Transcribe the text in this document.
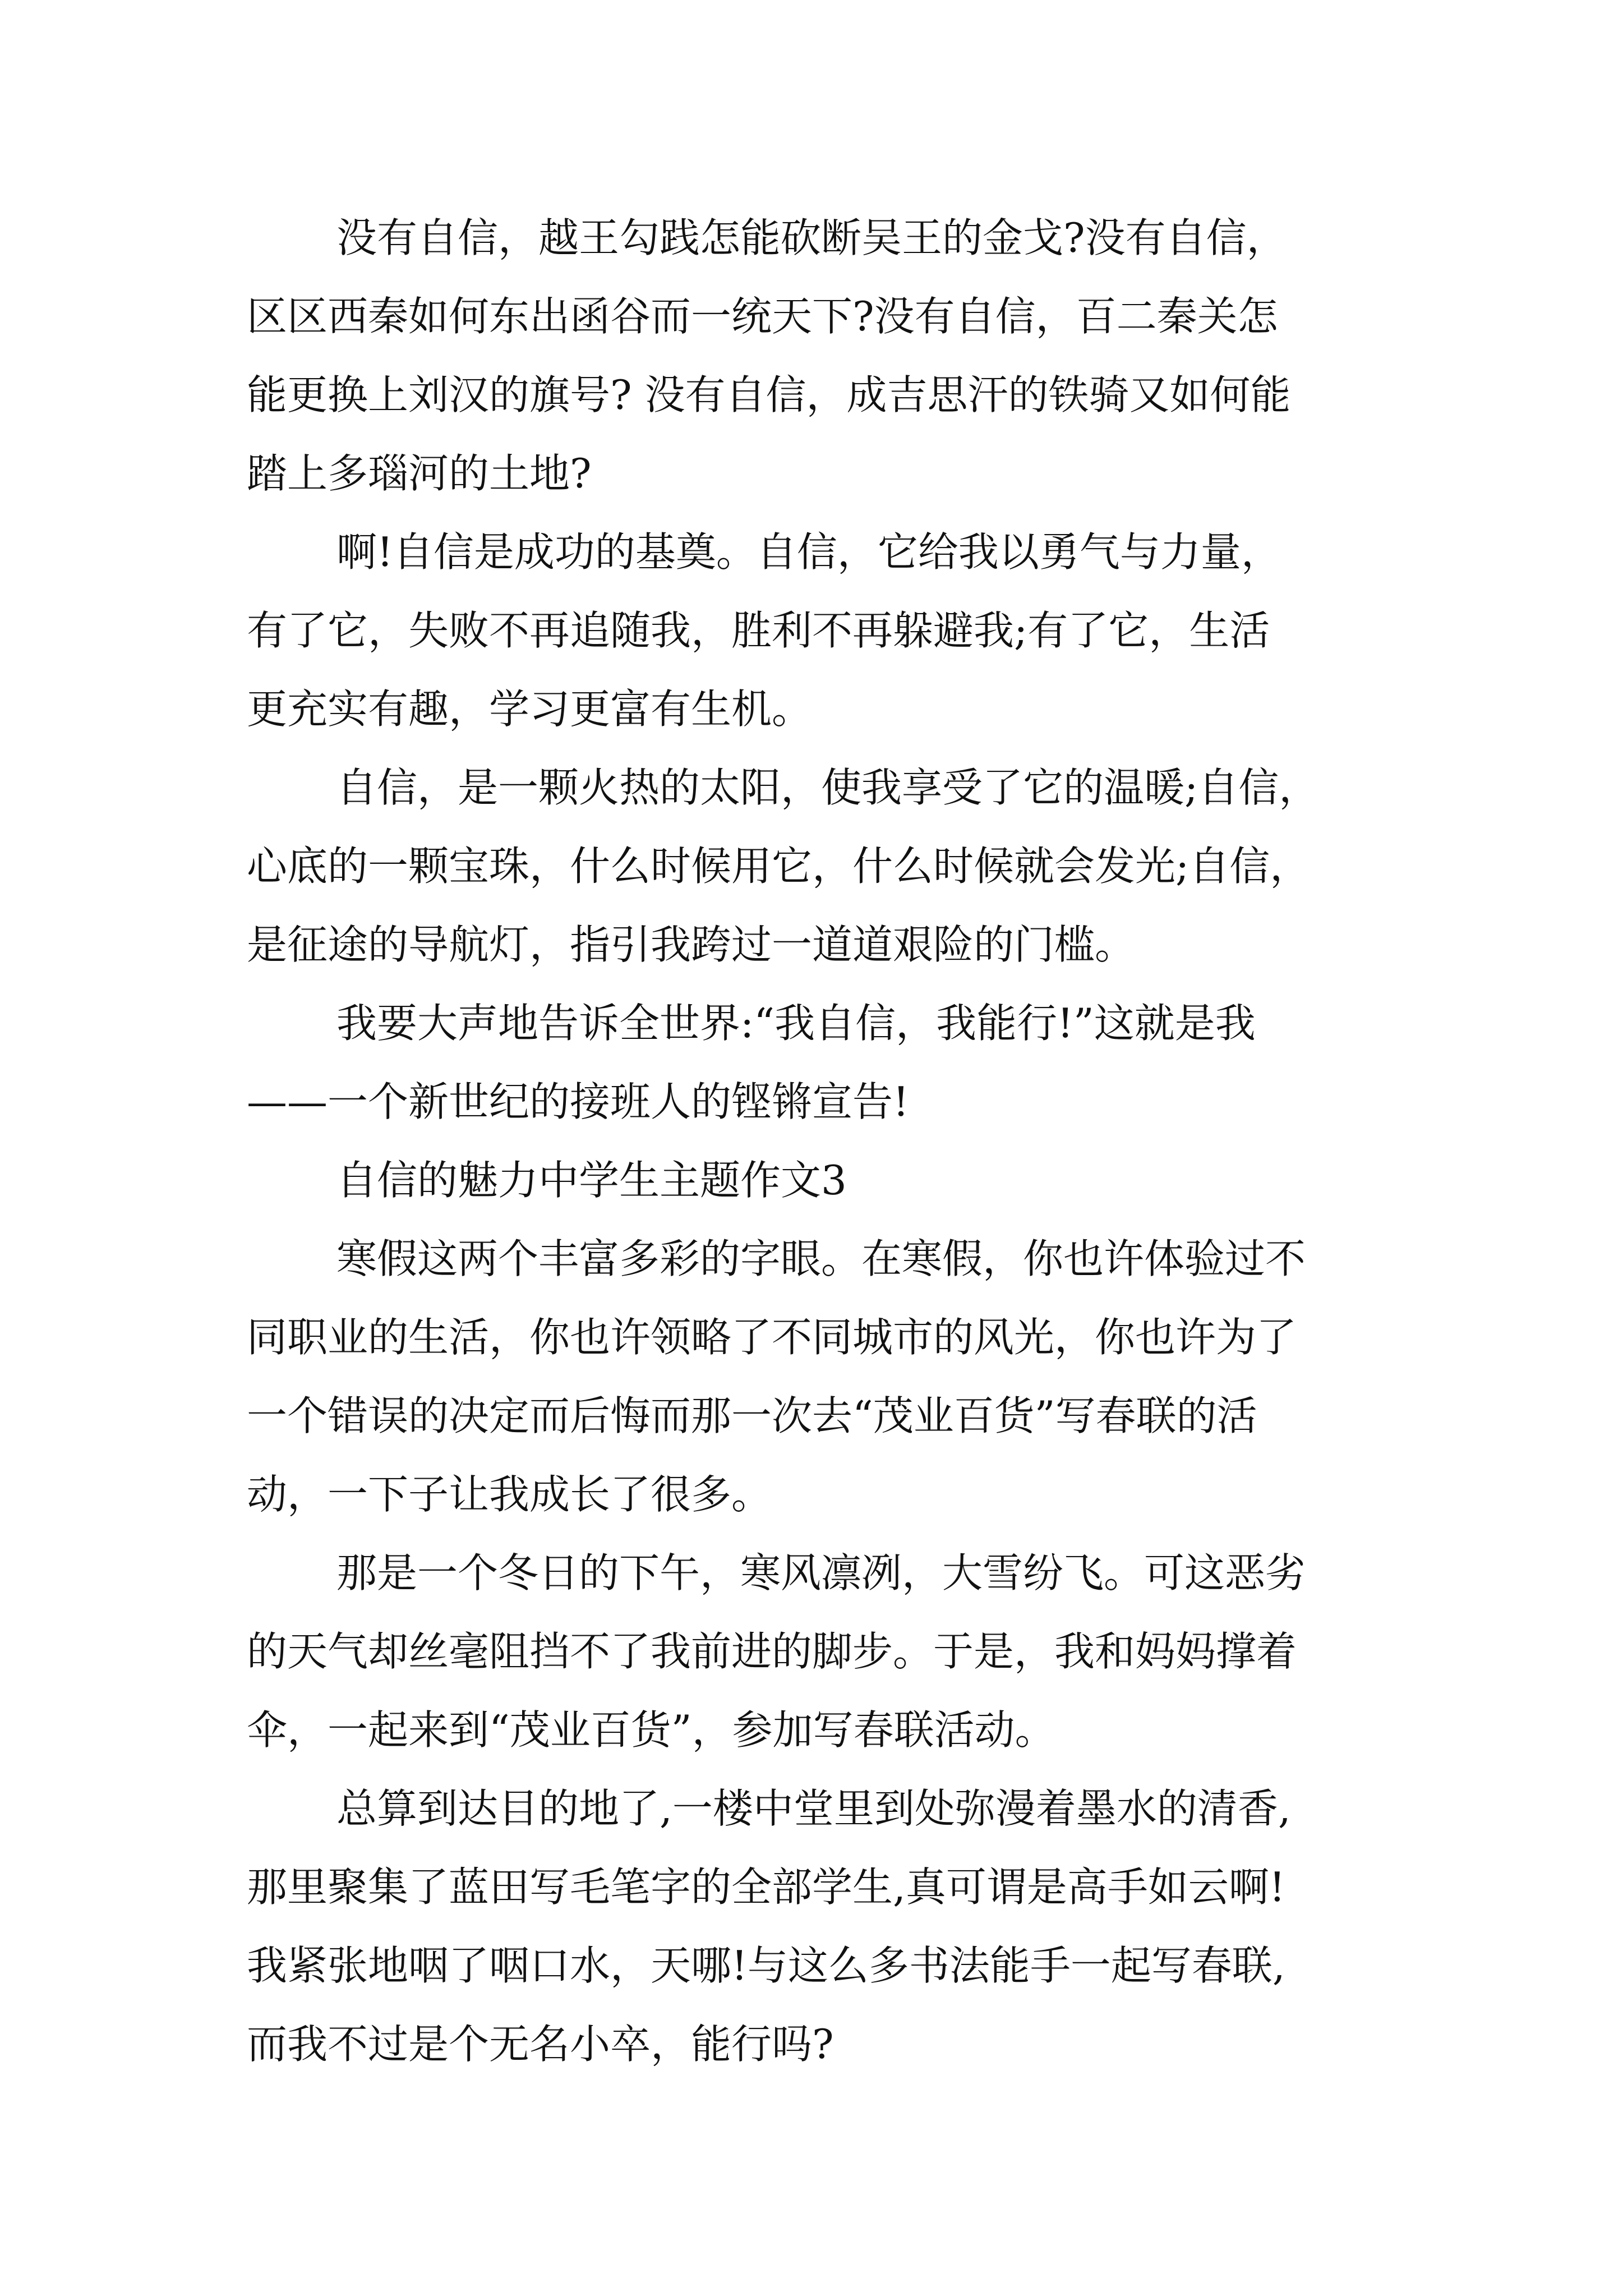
没有自信，越王勾践怎能砍断吴王的金戈?没有自信，
区区西秦如何东出函谷而一统天下?没有自信，百二秦关怎
能更换上刘汉的旗号? 没有自信，成吉思汗的铁骑又如何能
踏上多瑙河的土地?
啊!自信是成功的基奠。自信，它给我以勇气与力量，
有了它，失败不再追随我，胜利不再躲避我;有了它，生活
更充实有趣，学习更富有生机。
自信，是一颗火热的太阳，使我享受了它的温暖;自信，
心底的一颗宝珠，什么时候用它，什么时候就会发光;自信，
是征途的导航灯，指引我跨过一道道艰险的门槛。
我要大声地告诉全世界:“我自信，我能行!”这就是我
——一个新世纪的接班人的铿锵宣告!
自信的魅力中学生主题作文3
寒假这两个丰富多彩的字眼。在寒假，你也许体验过不
同职业的生活，你也许领略了不同城市的风光，你也许为了
一个错误的决定而后悔而那一次去“茂业百货”写春联的活
动，一下子让我成长了很多。
那是一个冬日的下午，寒风凛冽，大雪纷飞。可这恶劣
的天气却丝毫阻挡不了我前进的脚步。于是，我和妈妈撑着
伞，一起来到“茂业百货”，参加写春联活动。
总算到达目的地了,一楼中堂里到处弥漫着墨水的清香,
那里聚集了蓝田写毛笔字的全部学生,真可谓是高手如云啊!
我紧张地咽了咽口水，天哪!与这么多书法能手一起写春联,
而我不过是个无名小卒，能行吗?
